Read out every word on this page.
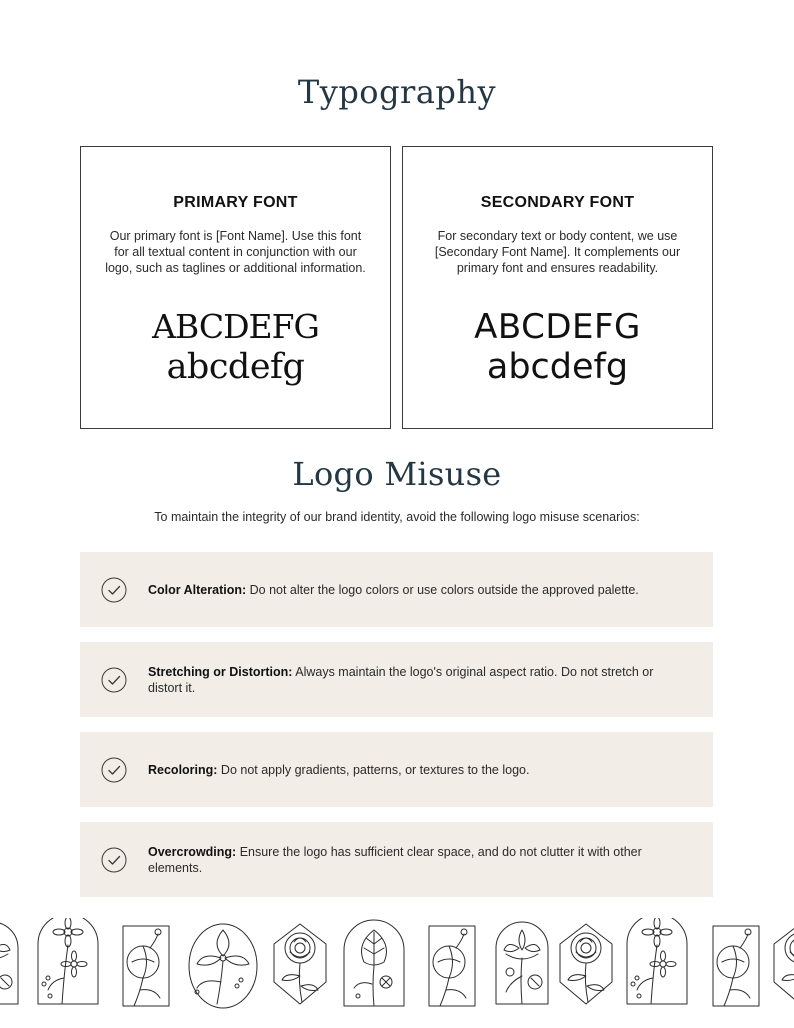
Typography
PRIMARY FONT
Our primary font is [Font Name]. Use this font for all textual content in conjunction with our logo, such as taglines or additional information.
ABCDEFG
abcdefg
SECONDARY FONT
For secondary text or body content, we use [Secondary Font Name]. It complements our primary font and ensures readability.
ABCDEFG
abcdefg
Logo Misuse
To maintain the integrity of our brand identity, avoid the following logo misuse scenarios:
Color Alteration: Do not alter the logo colors or use colors outside the approved palette.
Stretching or Distortion: Always maintain the logo's original aspect ratio. Do not stretch or distort it.
Recoloring: Do not apply gradients, patterns, or textures to the logo.
Overcrowding: Ensure the logo has sufficient clear space, and do not clutter it with other elements.
